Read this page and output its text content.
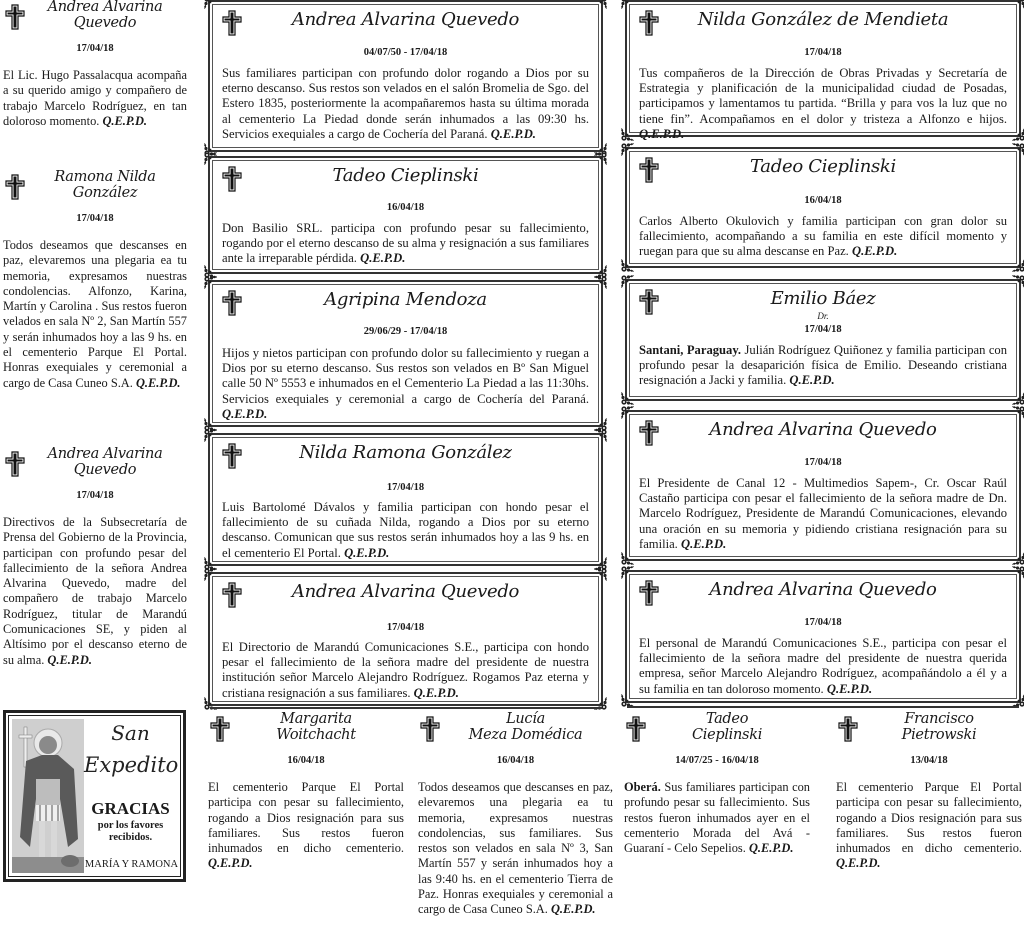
Andrea Alvarina
Quevedo
17/04/18
El Lic. Hugo Passalacqua acompaña a su querido amigo y compañero de trabajo Marcelo Rodríguez, en tan doloroso momento. Q.E.P.D.
Ramona Nilda
González
17/04/18
Todos deseamos que descanses en paz, elevaremos una plegaria ea tu memoria, expresamos nuestras condolencias. Alfonzo, Karina, Martín y Carolina . Sus restos fueron velados en sala Nº 2, San Martín 557 y serán inhumados hoy a las 9 hs. en el cementerio Parque El Portal. Honras exequiales y ceremonial a cargo de Casa Cuneo S.A. Q.E.P.D.
Andrea Alvarina
Quevedo
17/04/18
Directivos de la Subsecretaría de Prensa del Gobierno de la Provincia, participan con profundo pesar del fallecimiento de la señora Andrea Alvarina Quevedo, madre del compañero de trabajo Marcelo Rodríguez, titular de Marandú Comunicaciones SE, y piden al Altísimo por el descanso eterno de su alma. Q.E.P.D.
San
Expedito
GRACIAS
por los favores
recibidos.
MARÍA Y RAMONA
Andrea Alvarina Quevedo
04/07/50 - 17/04/18
Sus familiares participan con profundo dolor rogando a Dios por su eterno descanso. Sus restos son velados en el salón Bromelia de Sgo. del Estero 1835, posteriormente la acompañaremos hasta su última morada al cementerio La Piedad donde serán inhumados a las 09:30 hs. Servicios exequiales a cargo de Cochería del Paraná. Q.E.P.D.
Tadeo Cieplinski
16/04/18
Don Basilio SRL. participa con profundo pesar su fallecimiento, rogando por el eterno descanso de su alma y resignación a sus familiares ante la irreparable pérdida. Q.E.P.D.
Agripina Mendoza
29/06/29 - 17/04/18
Hijos y nietos participan con profundo dolor su fallecimiento y ruegan a Dios por su eterno descanso. Sus restos son velados en Bº San Miguel calle 50 Nº 5553 e inhumados en el Cementerio La Piedad a las 11:30hs. Servicios exequiales y ceremonial a cargo de Cochería del Paraná. Q.E.P.D.
Nilda Ramona González
17/04/18
Luis Bartolomé Dávalos y familia participan con hondo pesar el fallecimiento de su cuñada Nilda, rogando a Dios por su eterno descanso. Comunican que sus restos serán inhumados hoy a las 9 hs. en el cementerio El Portal. Q.E.P.D.
Andrea Alvarina Quevedo
17/04/18
El Directorio de Marandú Comunicaciones S.E., participa con hondo pesar el fallecimiento de la señora madre del presidente de nuestra institución señor Marcelo Alejandro Rodríguez. Rogamos Paz eterna y cristiana resignación a sus familiares. Q.E.P.D.
Nilda González de Mendieta
17/04/18
Tus compañeros de la Dirección de Obras Privadas y Secretaría de Estrategia y planificación de la municipalidad ciudad de Posadas, participamos y lamentamos tu partida. “Brilla y para vos la luz que no tiene fin”. Acompañamos en el dolor y tristeza a Alfonzo e hijos. Q.E.P.D.
Tadeo Cieplinski
16/04/18
Carlos Alberto Okulovich y familia participan con gran dolor su fallecimiento, acompañando a su familia en este difícil momento y ruegan para que su alma descanse en Paz. Q.E.P.D.
Emilio Báez
Dr.
17/04/18
Santani, Paraguay. Julián Rodríguez Quiñonez y familia participan con profundo pesar la desaparición física de Emilio. Deseando cristiana resignación a Jacki y familia. Q.E.P.D.
Andrea Alvarina Quevedo
17/04/18
El Presidente de Canal 12 - Multimedios Sapem-, Cr. Oscar Raúl Castaño participa con pesar el fallecimiento de la señora madre de Dn. Marcelo Rodríguez, Presidente de Marandú Comunicaciones, elevando una oración en su memoria y pidiendo cristiana resignación para su familia. Q.E.P.D.
Andrea Alvarina Quevedo
17/04/18
El personal de Marandú Comunicaciones S.E., participa con pesar el fallecimiento de la señora madre del presidente de nuestra querida empresa, señor Marcelo Alejandro Rodríguez, acompañándolo a él y a su familia en tan doloroso momento. Q.E.P.D.
Margarita
Woitchacht
16/04/18
El cementerio Parque El Portal participa con pesar su fallecimiento, rogando a Dios resignación para sus familiares. Sus restos fueron inhumados en dicho cementerio. Q.E.P.D.
Lucía
Meza Domédica
16/04/18
Todos deseamos que descanses en paz, elevaremos una plegaria ea tu memoria, expresamos nuestras condolencias, sus familiares. Sus restos son velados en sala Nº 3, San Martín 557 y serán inhumados hoy a las 9:40 hs. en el cementerio Tierra de Paz. Honras exequiales y ceremonial a cargo de Casa Cuneo S.A. Q.E.P.D.
Tadeo
Cieplinski
14/07/25 - 16/04/18
Oberá. Sus familiares participan con profundo pesar su fallecimiento. Sus restos fueron inhumados ayer en el cementerio Morada del Avá - Guaraní - Celo Sepelios. Q.E.P.D.
Francisco
Pietrowski
13/04/18
El cementerio Parque El Portal participa con pesar su fallecimiento, rogando a Dios resignación para sus familiares. Sus restos fueron inhumados en dicho cementerio. Q.E.P.D.
